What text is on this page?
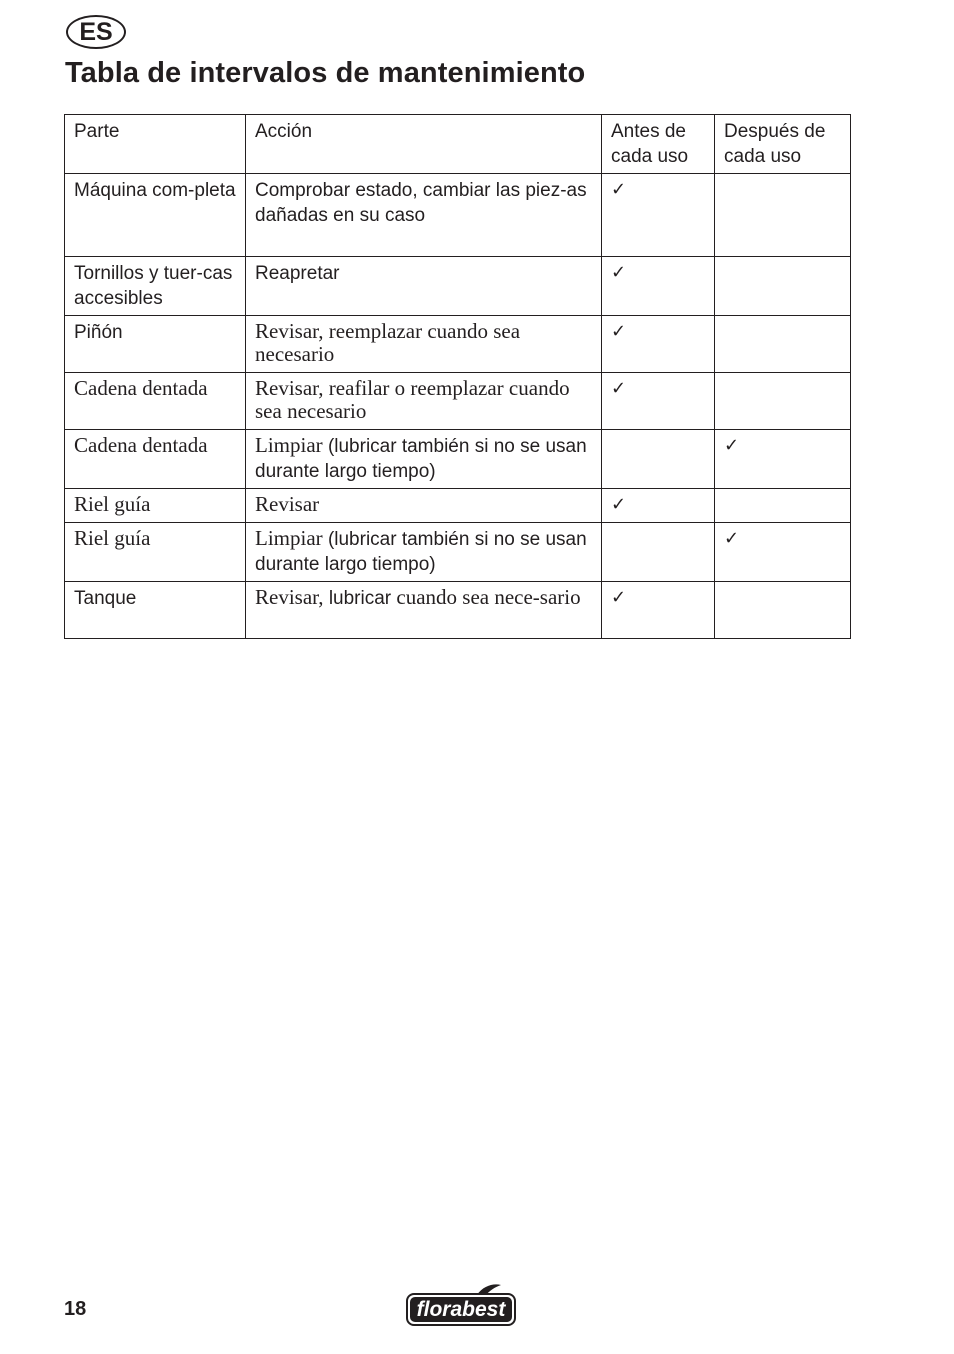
ES
Tabla de intervalos de mantenimiento
Parte	Acción	Antes de cada uso	Después de cada uso
Máquina com-pleta	Comprobar estado, cambiar las piez-as dañadas en su caso	✓	
Tornillos y tuer-cas accesibles	Reapretar	✓	
Piñón	Revisar, reemplazar cuando sea necesario	✓	
Cadena dentada	Revisar, reafilar o reemplazar cuando sea necesario	✓	
Cadena dentada	Limpiar (lubricar también si no se usan durante largo tiempo)		✓
Riel guía	Revisar	✓	
Riel guía	Limpiar (lubricar también si no se usan durante largo tiempo)		✓
Tanque	Revisar, lubricar cuando sea nece-sario	✓	
18	florabest
